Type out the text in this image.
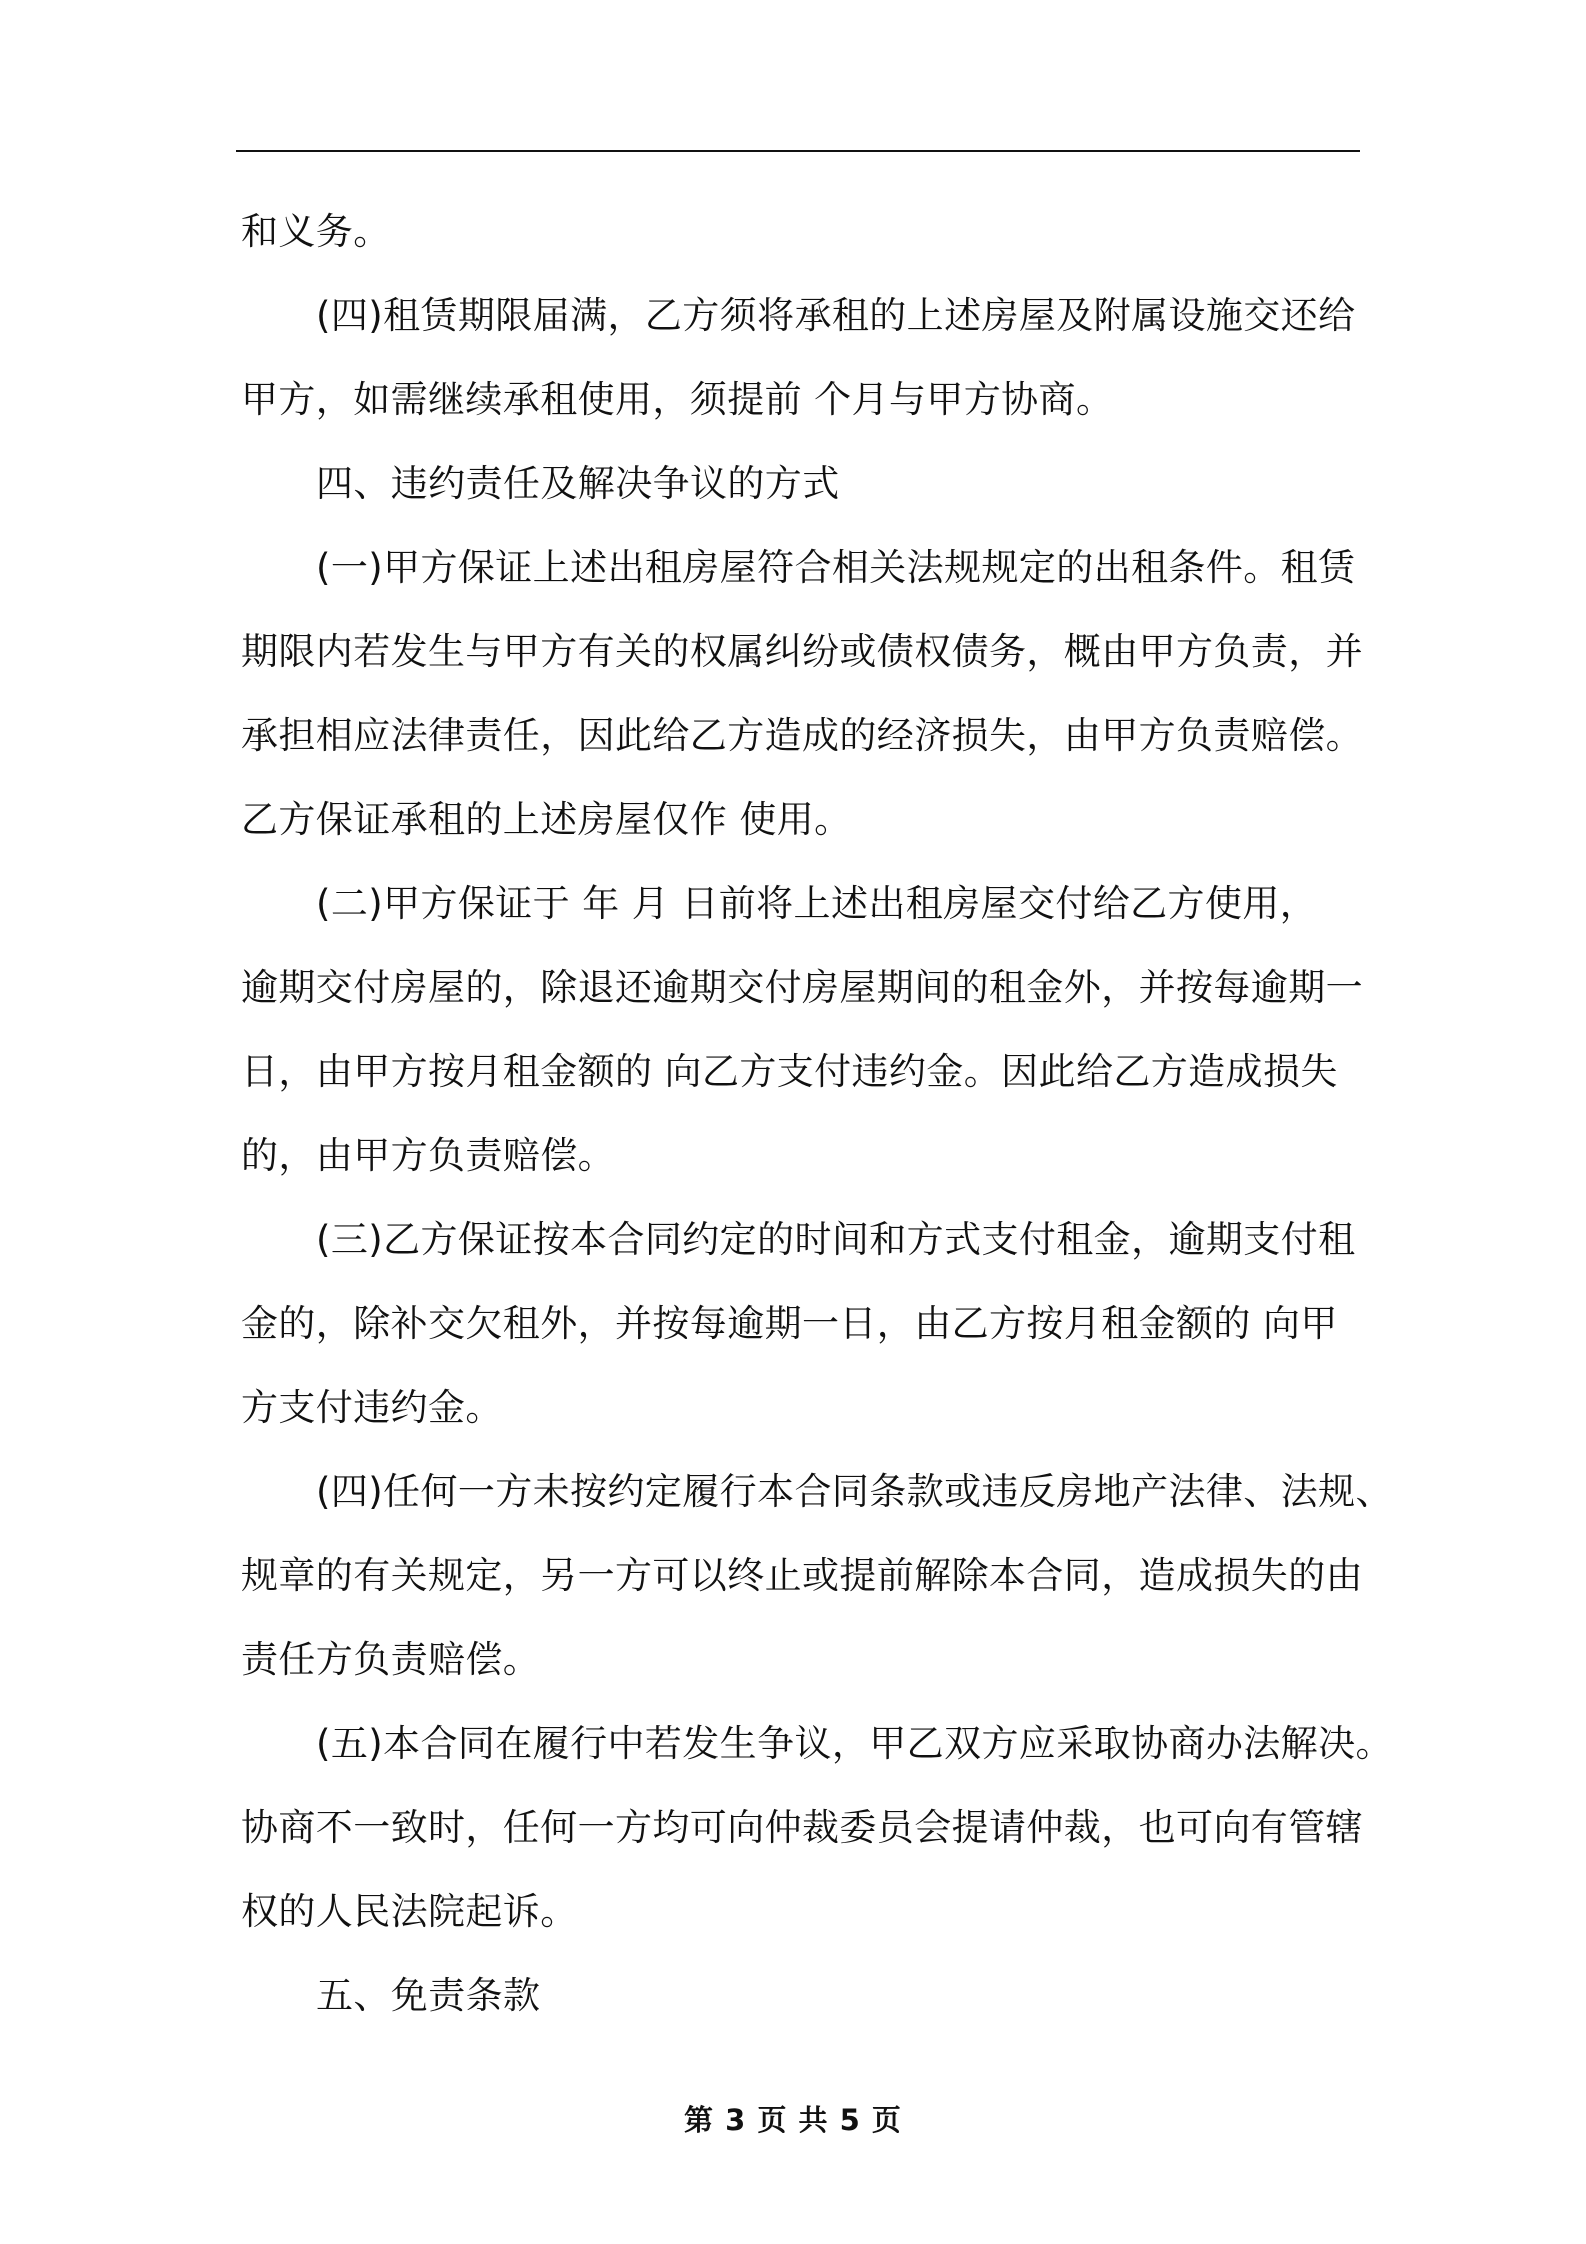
和义务。
(四)租赁期限届满，乙方须将承租的上述房屋及附属设施交还给
甲方，如需继续承租使用，须提前 个月与甲方协商。
四、违约责任及解决争议的方式
(一)甲方保证上述出租房屋符合相关法规规定的出租条件。租赁
期限内若发生与甲方有关的权属纠纷或债权债务，概由甲方负责，并
承担相应法律责任，因此给乙方造成的经济损失，由甲方负责赔偿。
乙方保证承租的上述房屋仅作 使用。
(二)甲方保证于 年 月 日前将上述出租房屋交付给乙方使用，
逾期交付房屋的，除退还逾期交付房屋期间的租金外，并按每逾期一
日，由甲方按月租金额的 向乙方支付违约金。因此给乙方造成损失
的，由甲方负责赔偿。
(三)乙方保证按本合同约定的时间和方式支付租金，逾期支付租
金的，除补交欠租外，并按每逾期一日，由乙方按月租金额的 向甲
方支付违约金。
(四)任何一方未按约定履行本合同条款或违反房地产法律、法规、
规章的有关规定，另一方可以终止或提前解除本合同，造成损失的由
责任方负责赔偿。
(五)本合同在履行中若发生争议，甲乙双方应采取协商办法解决。
协商不一致时，任何一方均可向仲裁委员会提请仲裁，也可向有管辖
权的人民法院起诉。
五、免责条款
第 3 页 共 5 页
